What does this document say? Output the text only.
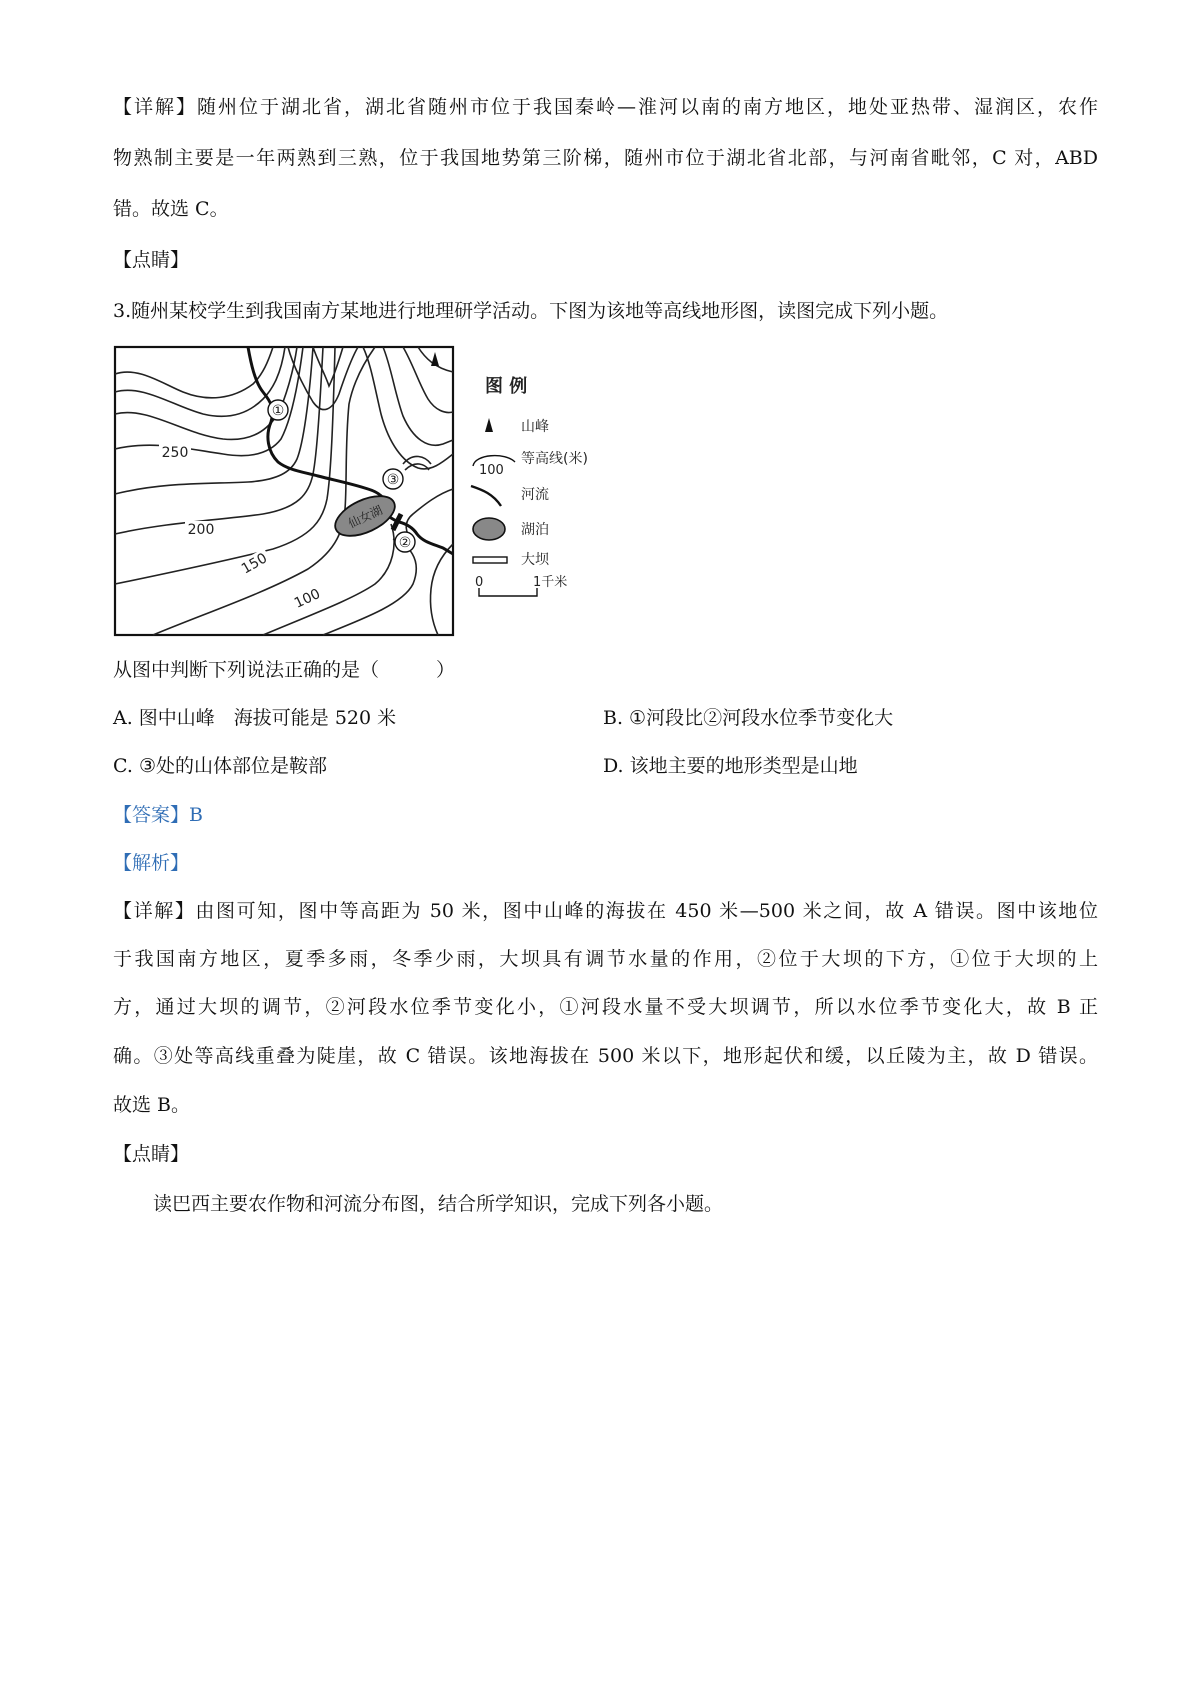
【详解】随州位于湖北省，湖北省随州市位于我国秦岭—淮河以南的南方地区，地处亚热带、湿润区，农作
物熟制主要是一年两熟到三熟，位于我国地势第三阶梯，随州市位于湖北省北部，与河南省毗邻，C 对，ABD
错。故选 C。
【点睛】
3.随州某校学生到我国南方某地进行地理研学活动。下图为该地等高线地形图，读图完成下列小题。
仙女湖
①
②
③
250
200
150
100
图 例
山峰
100
等高线(米)
河流
湖泊
大坝
0	1千米
从图中判断下列说法正确的是（　　　）
A. 图中山峰　海拔可能是 520 米	B. ①河段比②河段水位季节变化大
C. ③处的山体部位是鞍部	D. 该地主要的地形类型是山地
【答案】B
【解析】
【详解】由图可知，图中等高距为 50 米，图中山峰的海拔在 450 米—500 米之间，故 A 错误。图中该地位
于我国南方地区，夏季多雨，冬季少雨，大坝具有调节水量的作用，②位于大坝的下方，①位于大坝的上
方，通过大坝的调节，②河段水位季节变化小，①河段水量不受大坝调节，所以水位季节变化大，故 B 正
确。③处等高线重叠为陡崖，故 C 错误。该地海拔在 500 米以下，地形起伏和缓，以丘陵为主，故 D 错误。
故选 B。
【点睛】
读巴西主要农作物和河流分布图，结合所学知识，完成下列各小题。
